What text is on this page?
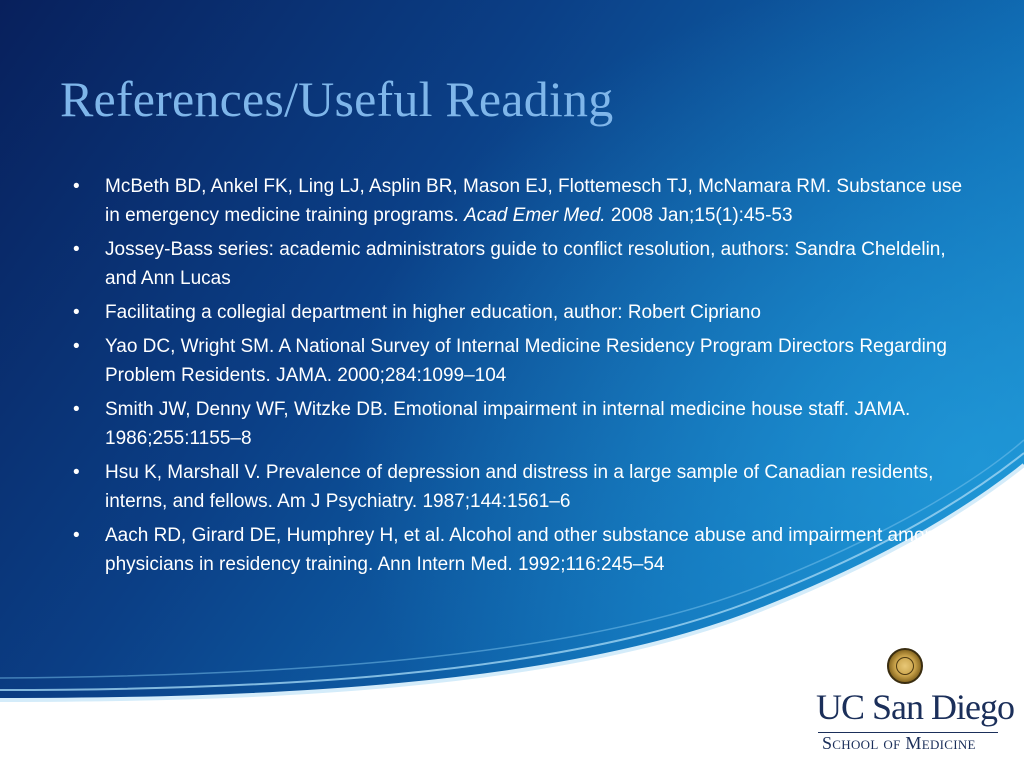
References/Useful Reading
• McBeth BD, Ankel FK, Ling LJ, Asplin BR, Mason EJ, Flottemesch TJ, McNamara RM. Substance use in emergency medicine training programs. Acad Emer Med. 2008 Jan;15(1):45-53
• Jossey-Bass series: academic administrators guide to conflict resolution, authors: Sandra Cheldelin, and Ann Lucas
• Facilitating a collegial department in higher education, author: Robert Cipriano
• Yao DC, Wright SM. A National Survey of Internal Medicine Residency Program Directors Regarding Problem Residents. JAMA. 2000;284:1099–104
• Smith JW, Denny WF, Witzke DB. Emotional impairment in internal medicine house staff. JAMA. 1986;255:1155–8
• Hsu K, Marshall V. Prevalence of depression and distress in a large sample of Canadian residents, interns, and fellows. Am J Psychiatry. 1987;144:1561–6
• Aach RD, Girard DE, Humphrey H, et al. Alcohol and other substance abuse and impairment among physicians in residency training. Ann Intern Med. 1992;116:245–54
UC San Diego
School of Medicine
